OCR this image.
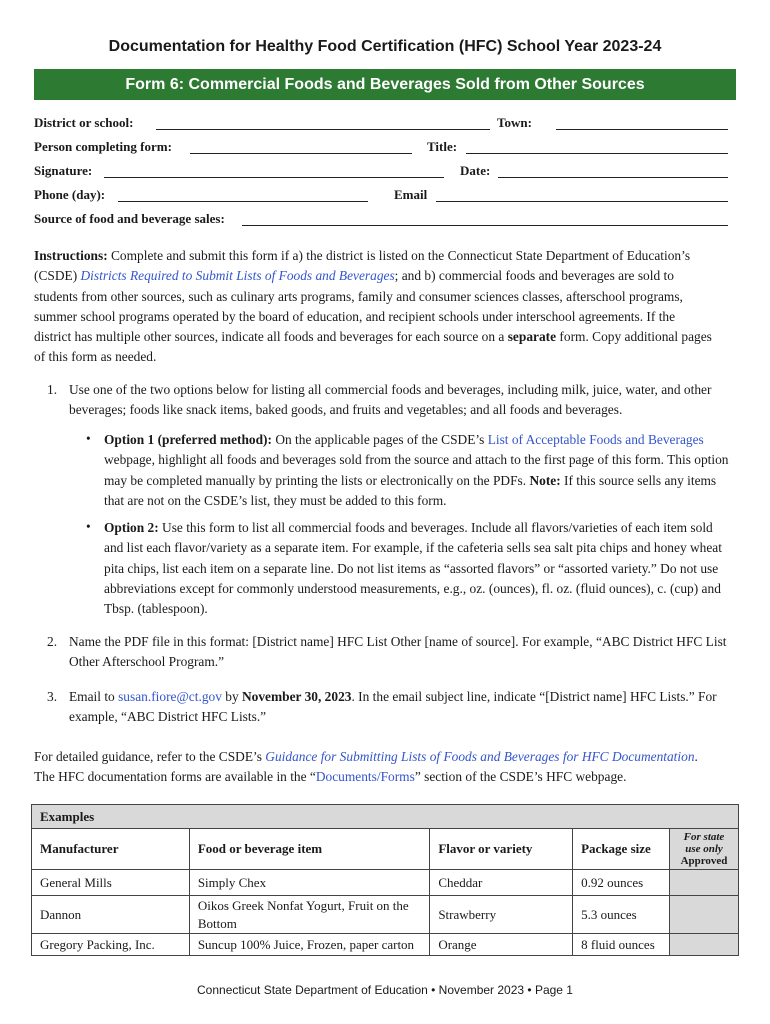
Documentation for Healthy Food Certification (HFC) School Year 2023-24
Form 6: Commercial Foods and Beverages Sold from Other Sources
District or school:	Town:
Person completing form:	Title:
Signature:	Date:
Phone (day):	Email
Source of food and beverage sales:
Instructions: Complete and submit this form if a) the district is listed on the Connecticut State Department of Education’s (CSDE) Districts Required to Submit Lists of Foods and Beverages; and b) commercial foods and beverages are sold to students from other sources, such as culinary arts programs, family and consumer sciences classes, afterschool programs, summer school programs operated by the board of education, and recipient schools under interschool agreements. If the district has multiple other sources, indicate all foods and beverages for each source on a separate form. Copy additional pages of this form as needed.
1. Use one of the two options below for listing all commercial foods and beverages, including milk, juice, water, and other beverages; foods like snack items, baked goods, and fruits and vegetables; and all foods and beverages.
• Option 1 (preferred method): On the applicable pages of the CSDE’s List of Acceptable Foods and Beverages webpage, highlight all foods and beverages sold from the source and attach to the first page of this form. This option may be completed manually by printing the lists or electronically on the PDFs. Note: If this source sells any items that are not on the CSDE’s list, they must be added to this form.
• Option 2: Use this form to list all commercial foods and beverages. Include all flavors/varieties of each item sold and list each flavor/variety as a separate item. For example, if the cafeteria sells sea salt pita chips and honey wheat pita chips, list each item on a separate line. Do not list items as “assorted flavors” or “assorted variety.” Do not use abbreviations except for commonly understood measurements, e.g., oz. (ounces), fl. oz. (fluid ounces), c. (cup) and Tbsp. (tablespoon).
2. Name the PDF file in this format: [District name] HFC List Other [name of source]. For example, “ABC District HFC List Other Afterschool Program.”
3. Email to susan.fiore@ct.gov by November 30, 2023. In the email subject line, indicate “[District name] HFC Lists.” For example, “ABC District HFC Lists.”
For detailed guidance, refer to the CSDE’s Guidance for Submitting Lists of Foods and Beverages for HFC Documentation.
The HFC documentation forms are available in the “Documents/Forms” section of the CSDE’s HFC webpage.
Examples				
Manufacturer	Food or beverage item	Flavor or variety	Package size	For state
use only
Approved
General Mills	Simply Chex	Cheddar	0.92 ounces	
Dannon	Oikos Greek Nonfat Yogurt, Fruit on the Bottom	Strawberry	5.3 ounces	
Gregory Packing, Inc.	Suncup 100% Juice, Frozen, paper carton	Orange	8 fluid ounces	
Connecticut State Department of Education • November 2023 • Page 1
